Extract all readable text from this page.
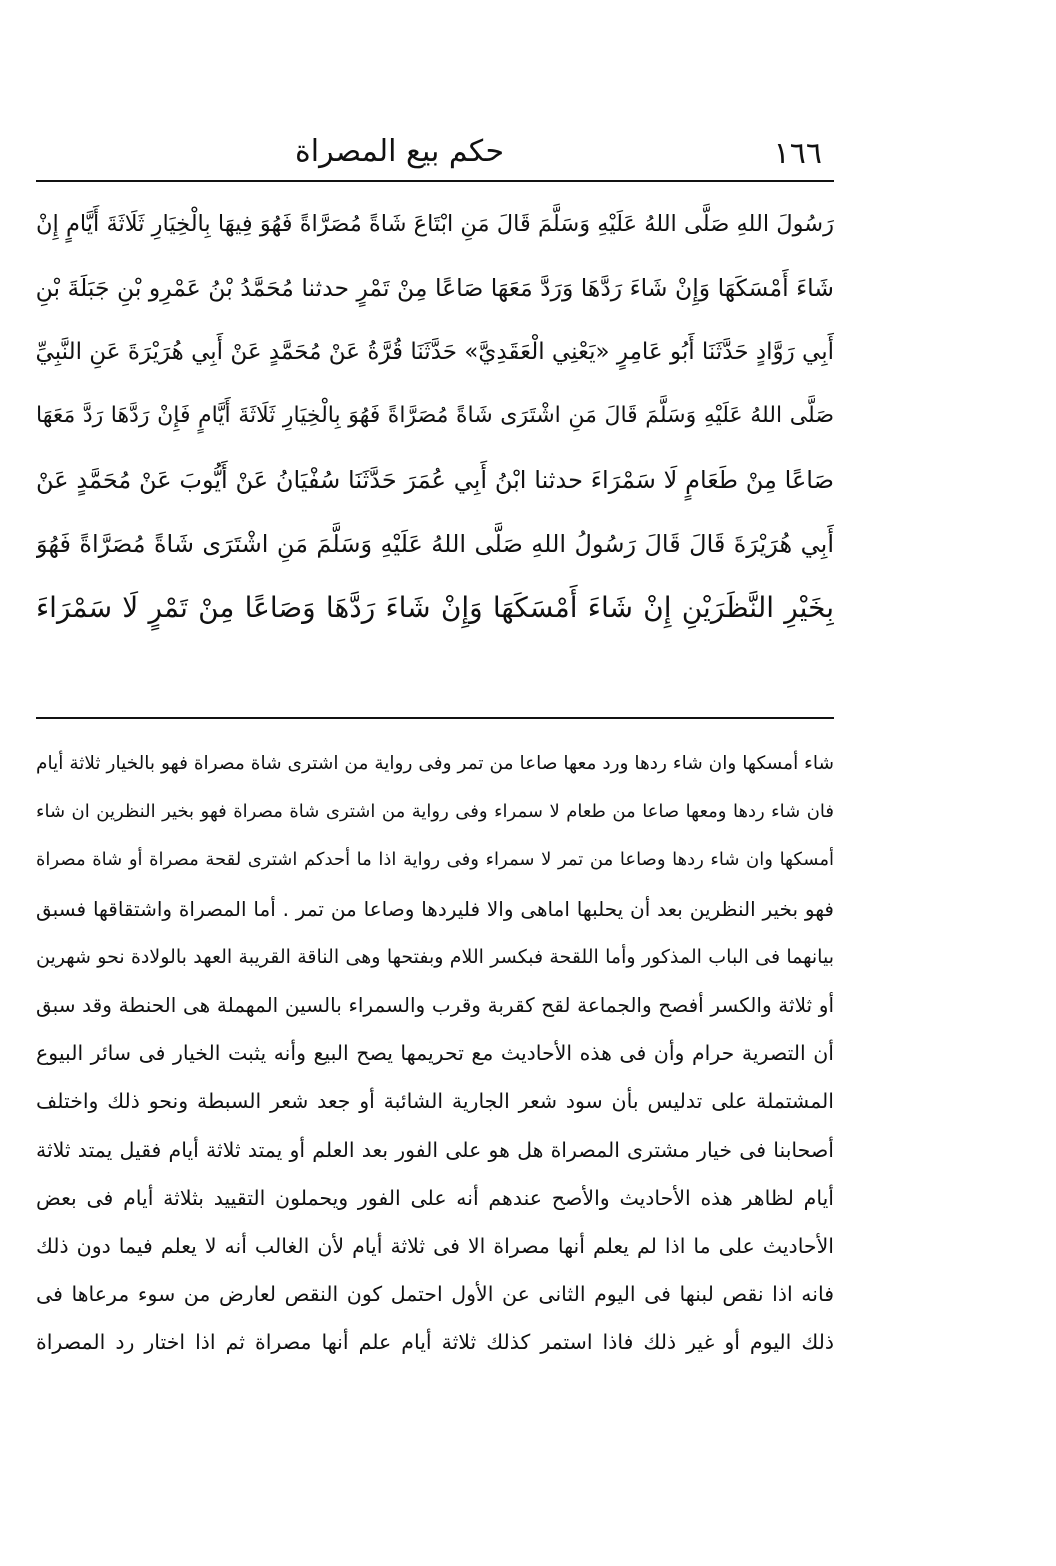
١٦٦
حكم بيع المصراة
رَسُولَ اللهِ صَلَّى اللهُ عَلَيْهِ وَسَلَّمَ قَالَ مَنِ ابْتَاعَ شَاةً مُصَرَّاةً فَهُوَ فِيهَا بِالْخِيَارِ ثَلَاثَةَ أَيَّامٍ إِنْ
شَاءَ أَمْسَكَهَا وَإِنْ شَاءَ رَدَّهَا وَرَدَّ مَعَهَا صَاعًا مِنْ تَمْرٍ حدثنا مُحَمَّدُ بْنُ عَمْرِو بْنِ جَبَلَةَ بْنِ
أَبِي رَوَّادٍ حَدَّثَنَا أَبُو عَامِرٍ «يَعْنِي الْعَقَدِيَّ» حَدَّثَنَا قُرَّةُ عَنْ مُحَمَّدٍ عَنْ أَبِي هُرَيْرَةَ عَنِ النَّبِيِّ
صَلَّى اللهُ عَلَيْهِ وَسَلَّمَ قَالَ مَنِ اشْتَرَى شَاةً مُصَرَّاةً فَهُوَ بِالْخِيَارِ ثَلَاثَةَ أَيَّامٍ فَإِنْ رَدَّهَا رَدَّ مَعَهَا
صَاعًا مِنْ طَعَامٍ لَا سَمْرَاءَ حدثنا ابْنُ أَبِي عُمَرَ حَدَّثَنَا سُفْيَانُ عَنْ أَيُّوبَ عَنْ مُحَمَّدٍ عَنْ
أَبِي هُرَيْرَةَ قَالَ قَالَ رَسُولُ اللهِ صَلَّى اللهُ عَلَيْهِ وَسَلَّمَ مَنِ اشْتَرَى شَاةً مُصَرَّاةً فَهُوَ
بِخَيْرِ النَّظَرَيْنِ إِنْ شَاءَ أَمْسَكَهَا وَإِنْ شَاءَ رَدَّهَا وَصَاعًا مِنْ تَمْرٍ لَا سَمْرَاءَ
شاء أمسكها وان شاء ردها ورد معها صاعا من تمر وفى رواية من اشترى شاة مصراة فهو بالخيار ثلاثة أيام
فان شاء ردها ومعها صاعا من طعام لا سمراء وفى رواية من اشترى شاة مصراة فهو بخير النظرين ان شاء
أمسكها وان شاء ردها وصاعا من تمر لا سمراء وفى رواية اذا ما أحدكم اشترى لقحة مصراة أو شاة مصراة
فهو بخير النظرين بعد أن يحلبها اماهى والا فليردها وصاعا من تمر . أما المصراة واشتقاقها فسبق
بيانهما فى الباب المذكور وأما اللقحة فبكسر اللام وبفتحها وهى الناقة القريبة العهد بالولادة نحو شهرين
أو ثلاثة والكسر أفصح والجماعة لقح كقربة وقرب والسمراء بالسين المهملة هى الحنطة وقد سبق
أن التصرية حرام وأن فى هذه الأحاديث مع تحريمها يصح البيع وأنه يثبت الخيار فى سائر البيوع
المشتملة على تدليس بأن سود شعر الجارية الشائبة أو جعد شعر السبطة ونحو ذلك واختلف
أصحابنا فى خيار مشترى المصراة هل هو على الفور بعد العلم أو يمتد ثلاثة أيام فقيل يمتد ثلاثة
أيام لظاهر هذه الأحاديث والأصح عندهم أنه على الفور ويحملون التقييد بثلاثة أيام فى بعض
الأحاديث على ما اذا لم يعلم أنها مصراة الا فى ثلاثة أيام لأن الغالب أنه لا يعلم فيما دون ذلك
فانه اذا نقص لبنها فى اليوم الثانى عن الأول احتمل كون النقص لعارض من سوء مرعاها فى
ذلك اليوم أو غير ذلك فاذا استمر كذلك ثلاثة أيام علم أنها مصراة ثم اذا اختار رد المصراة
